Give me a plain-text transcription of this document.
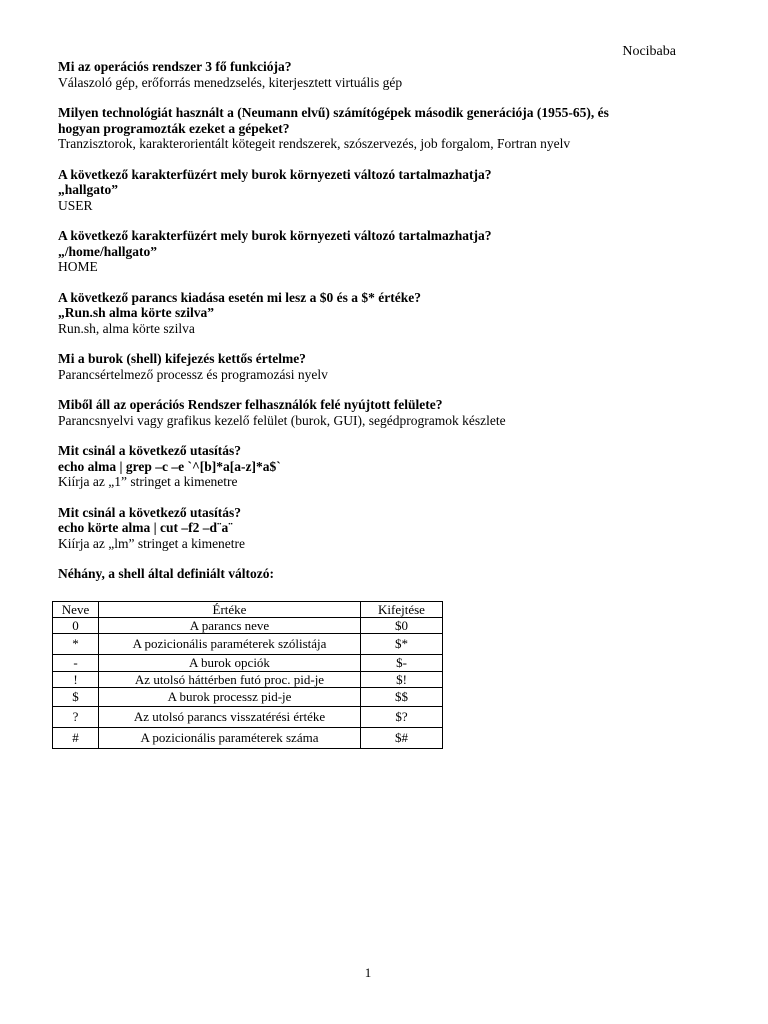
Nocibaba
Mi az operációs rendszer 3 fő funkciója?
Válaszoló gép, erőforrás menedzselés, kiterjesztett virtuális gép
Milyen technológiát használt a (Neumann elvű) számítógépek második generációja (1955-65), és
hogyan programozták ezeket a gépeket?
Tranzisztorok, karakterorientált kötegeit rendszerek, szószervezés, job forgalom, Fortran nyelv
A következő karakterfüzért mely burok környezeti változó tartalmazhatja?
„hallgato”
USER
A következő karakterfüzért mely burok környezeti változó tartalmazhatja?
„/home/hallgato”
HOME
A következő parancs kiadása esetén mi lesz a $0 és a $* értéke?
„Run.sh alma körte szilva”
Run.sh, alma körte szilva
Mi a burok (shell) kifejezés kettős értelme?
Parancsértelmező processz és programozási nyelv
Miből áll az operációs Rendszer felhasználók felé nyújtott felülete?
Parancsnyelvi vagy grafikus kezelő felület (burok, GUI), segédprogramok készlete
Mit csinál a következő utasítás?
echo alma | grep –c –e `^[b]*a[a-z]*a$`
Kiírja az „1” stringet a kimenetre
Mit csinál a következő utasítás?
echo körte alma | cut –f2 –d¨a¨
Kiírja az „lm” stringet a kimenetre
Néhány, a shell által definiált változó:
Neve	Értéke	Kifejtése
0	A parancs neve	$0
*	A pozicionális paraméterek szólistája	$*
-	A burok opciók	$-
!	Az utolsó háttérben futó proc. pid-je	$!
$	A burok processz pid-je	$$
?	Az utolsó parancs visszatérési értéke	$?
#	A pozicionális paraméterek száma	$#
1
